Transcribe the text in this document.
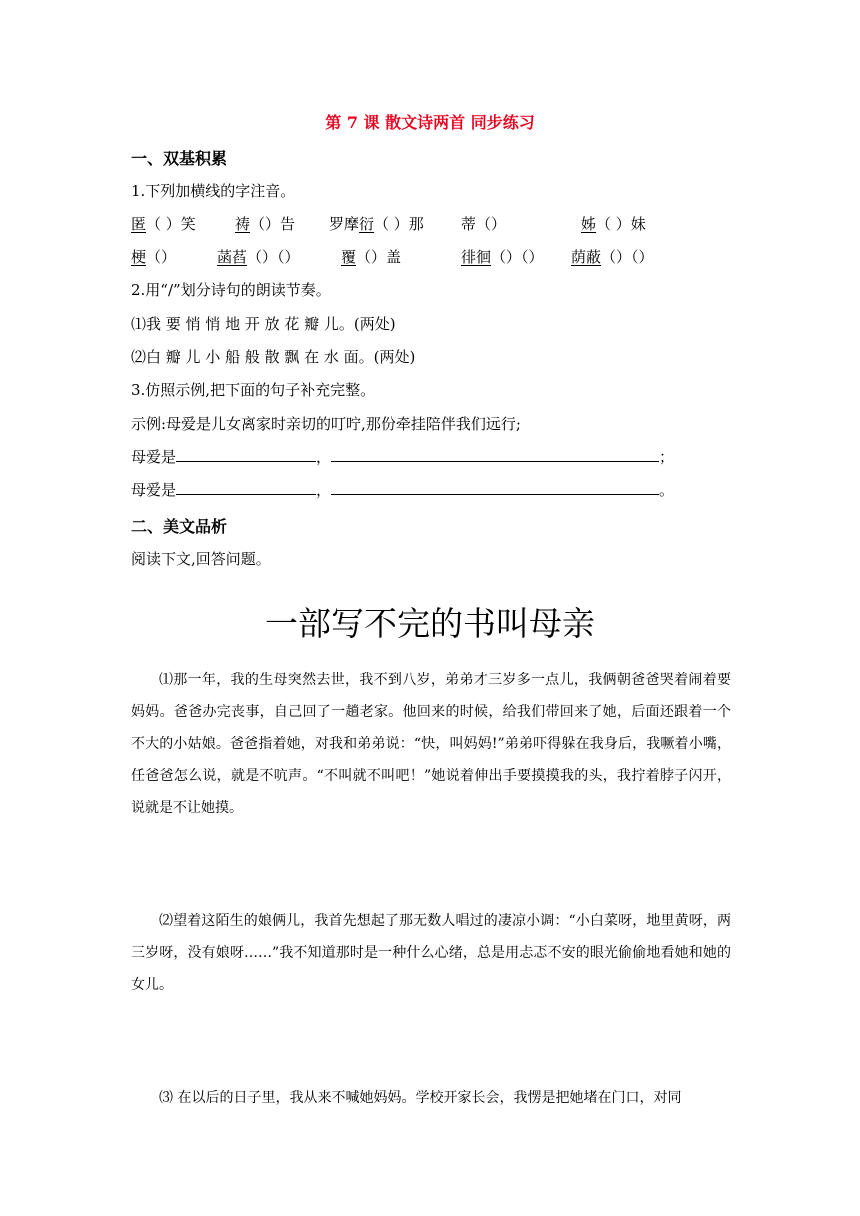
第 7 课 散文诗两首 同步练习
一、双基积累
1.下列加横线的字注音。
匿（ ）笑	祷（）告 罗摩衍（ ）那 蒂（）	姊（ ）妹
梗（）	菡萏（）（）	覆（）盖	徘徊（）（） 荫蔽（）（）
2.用“/”划分诗句的朗读节奏。
⑴我 要 悄 悄 地 开 放 花 瓣 儿。(两处)
⑵白 瓣 儿 小 船 般 散 飘 在 水 面。(两处)
3.仿照示例,把下面的句子补充完整。
示例:母爱是儿女离家时亲切的叮咛,那份牵挂陪伴我们远行;
母爱是	，	；
母爱是	，	。
二、美文品析
阅读下文,回答问题。
一部写不完的书叫母亲
⑴那一年，我的生母突然去世，我不到八岁，弟弟才三岁多一点儿，我俩朝爸爸哭着闹着要妈妈。爸爸办完丧事，自己回了一趟老家。他回来的时候，给我们带回来了她，后面还跟着一个不大的小姑娘。爸爸指着她，对我和弟弟说：“快，叫妈妈!”弟弟吓得躲在我身后，我噘着小嘴，任爸爸怎么说，就是不吭声。“不叫就不叫吧！”她说着伸出手要摸摸我的头，我拧着脖子闪开，说就是不让她摸。
⑵望着这陌生的娘俩儿，我首先想起了那无数人唱过的凄凉小调：“小白菜呀，地里黄呀，两三岁呀，没有娘呀……”我不知道那时是一种什么心绪，总是用忐忑不安的眼光偷偷地看她和她的女儿。
⑶ 在以后的日子里，我从来不喊她妈妈。学校开家长会，我愣是把她堵在门口，对同
